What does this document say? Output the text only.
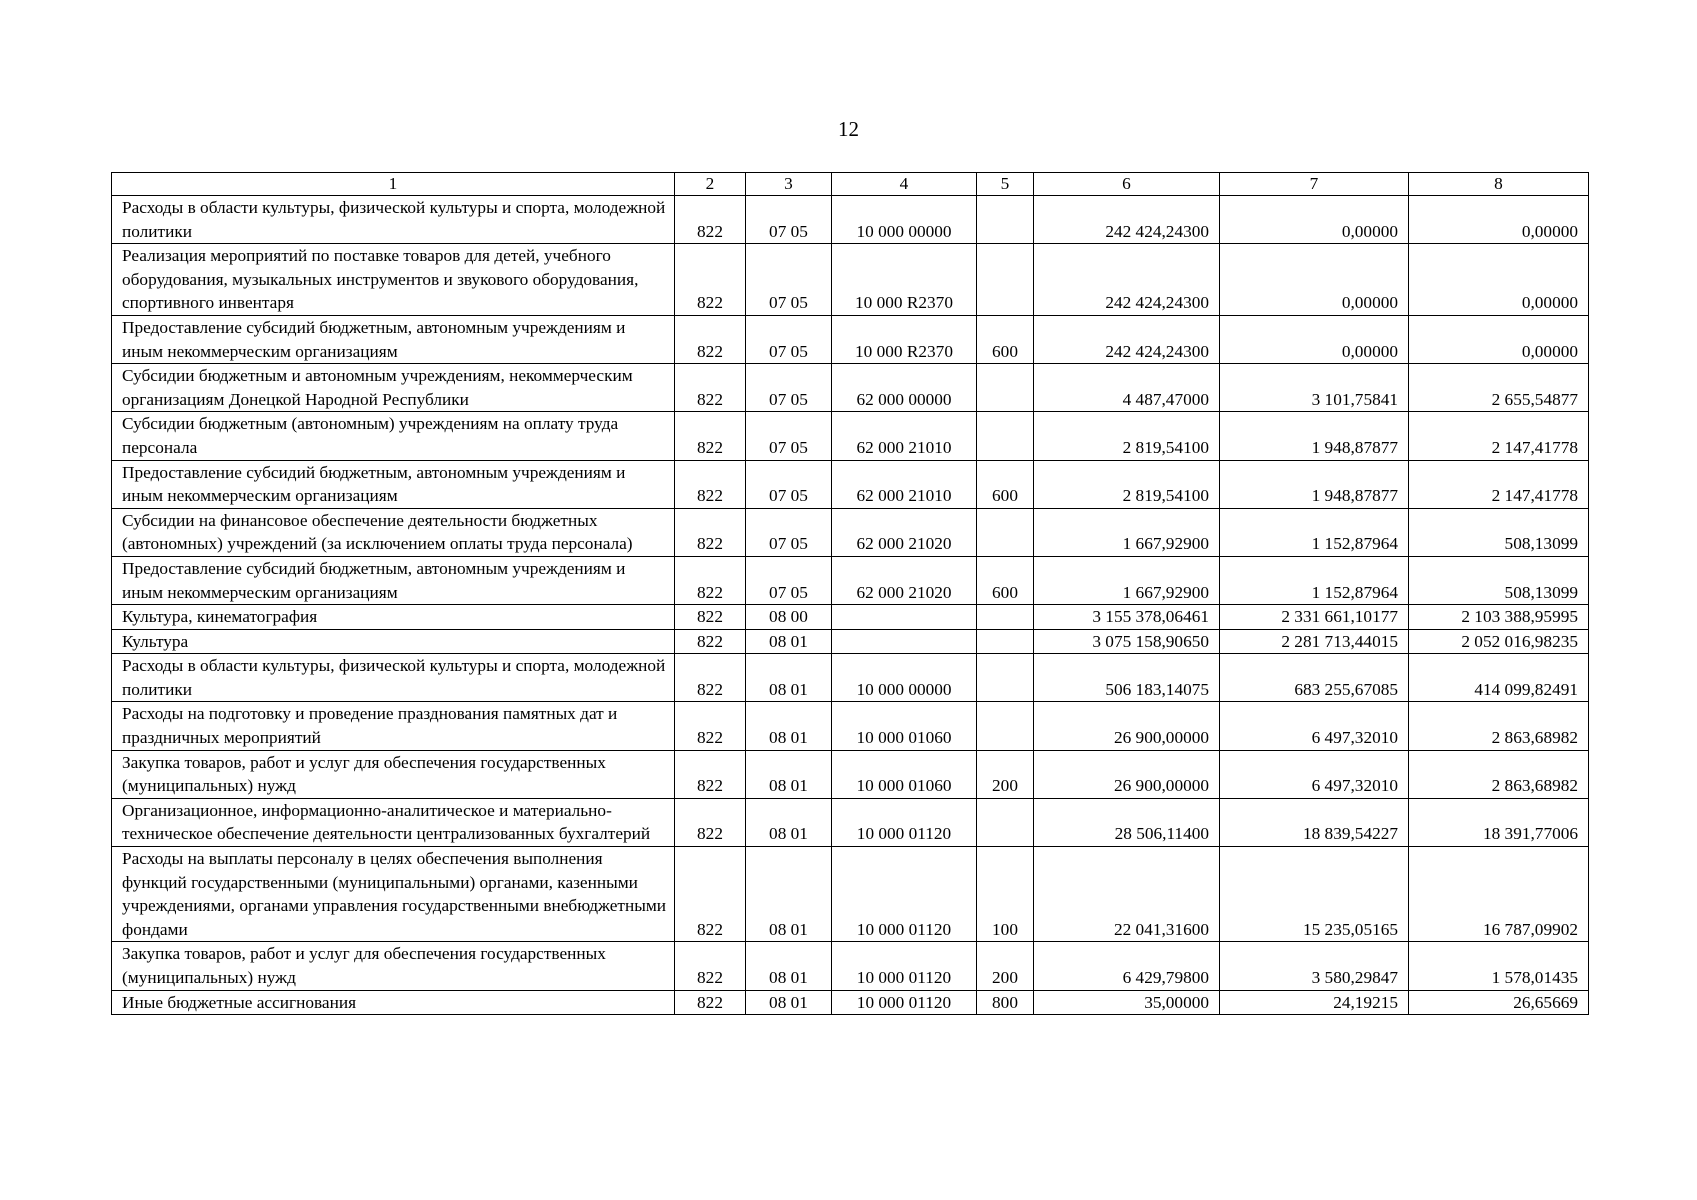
12
1	2	3	4	5	6	7	8
Расходы в области культуры, физической культуры и спорта, молодежной политики	822	07 05	10 000 00000		242 424,24300	0,00000	0,00000
Реализация мероприятий по поставке товаров для детей, учебного оборудования, музыкальных инструментов и звукового оборудования, спортивного инвентаря	822	07 05	10 000 R2370		242 424,24300	0,00000	0,00000
Предоставление субсидий бюджетным, автономным учреждениям и иным некоммерческим организациям	822	07 05	10 000 R2370	600	242 424,24300	0,00000	0,00000
Субсидии бюджетным и автономным учреждениям, некоммерческим организациям Донецкой Народной Республики	822	07 05	62 000 00000		4 487,47000	3 101,75841	2 655,54877
Субсидии бюджетным (автономным) учреждениям на оплату труда персонала	822	07 05	62 000 21010		2 819,54100	1 948,87877	2 147,41778
Предоставление субсидий бюджетным, автономным учреждениям и иным некоммерческим организациям	822	07 05	62 000 21010	600	2 819,54100	1 948,87877	2 147,41778
Субсидии на финансовое обеспечение деятельности бюджетных (автономных) учреждений (за исключением оплаты труда персонала)	822	07 05	62 000 21020		1 667,92900	1 152,87964	508,13099
Предоставление субсидий бюджетным, автономным учреждениям и иным некоммерческим организациям	822	07 05	62 000 21020	600	1 667,92900	1 152,87964	508,13099
Культура, кинематография	822	08 00			3 155 378,06461	2 331 661,10177	2 103 388,95995
Культура	822	08 01			3 075 158,90650	2 281 713,44015	2 052 016,98235
Расходы в области культуры, физической культуры и спорта, молодежной политики	822	08 01	10 000 00000		506 183,14075	683 255,67085	414 099,82491
Расходы на подготовку и проведение празднования памятных дат и праздничных мероприятий	822	08 01	10 000 01060		26 900,00000	6 497,32010	2 863,68982
Закупка товаров, работ и услуг для обеспечения государственных (муниципальных) нужд	822	08 01	10 000 01060	200	26 900,00000	6 497,32010	2 863,68982
Организационное, информационно-аналитическое и материально-техническое обеспечение деятельности централизованных бухгалтерий	822	08 01	10 000 01120		28 506,11400	18 839,54227	18 391,77006
Расходы на выплаты персоналу в целях обеспечения выполнения функций государственными (муниципальными) органами, казенными учреждениями, органами управления государственными внебюджетными фондами	822	08 01	10 000 01120	100	22 041,31600	15 235,05165	16 787,09902
Закупка товаров, работ и услуг для обеспечения государственных (муниципальных) нужд	822	08 01	10 000 01120	200	6 429,79800	3 580,29847	1 578,01435
Иные бюджетные ассигнования	822	08 01	10 000 01120	800	35,00000	24,19215	26,65669
